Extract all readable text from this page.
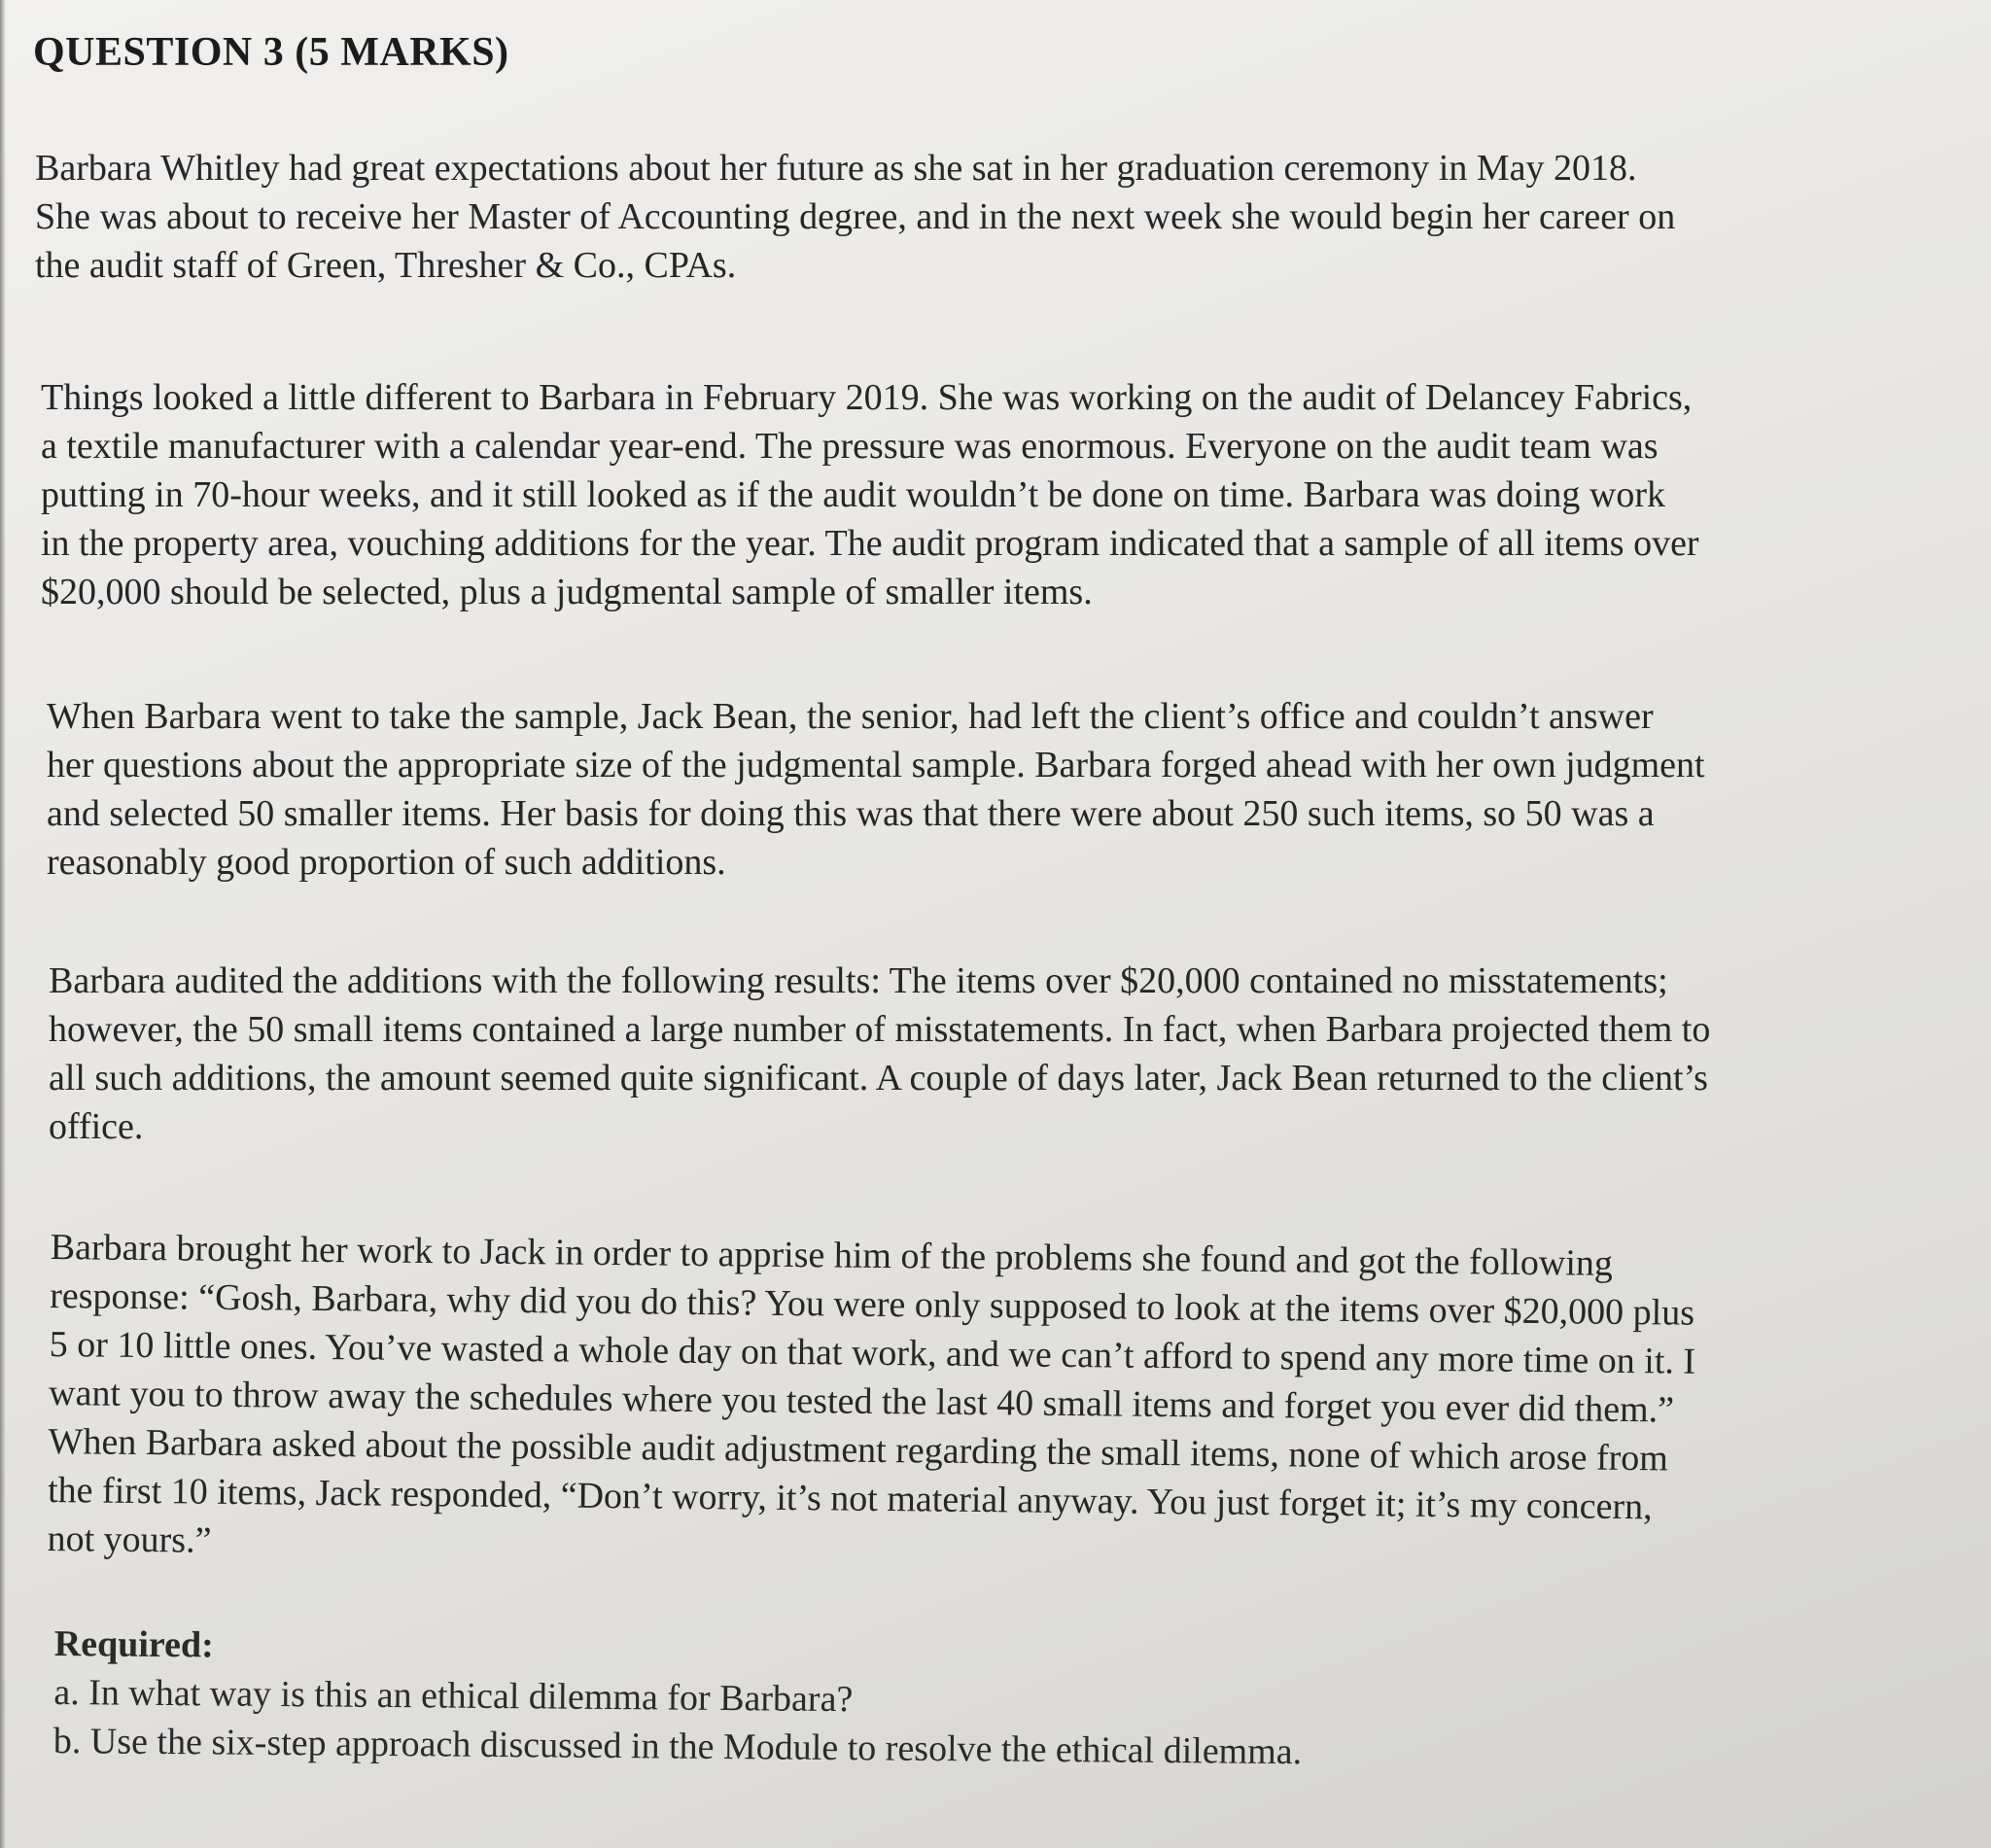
QUESTION 3 (5 MARKS)

Barbara Whitley had great expectations about her future as she sat in her graduation ceremony in May 2018.
She was about to receive her Master of Accounting degree, and in the next week she would begin her career on
the audit staff of Green, Thresher & Co., CPAs.

Things looked a little different to Barbara in February 2019. She was working on the audit of Delancey Fabrics,
a textile manufacturer with a calendar year-end. The pressure was enormous. Everyone on the audit team was
putting in 70-hour weeks, and it still looked as if the audit wouldn’t be done on time. Barbara was doing work
in the property area, vouching additions for the year. The audit program indicated that a sample of all items over
$20,000 should be selected, plus a judgmental sample of smaller items.

When Barbara went to take the sample, Jack Bean, the senior, had left the client’s office and couldn’t answer
her questions about the appropriate size of the judgmental sample. Barbara forged ahead with her own judgment
and selected 50 smaller items. Her basis for doing this was that there were about 250 such items, so 50 was a
reasonably good proportion of such additions.

Barbara audited the additions with the following results: The items over $20,000 contained no misstatements;
however, the 50 small items contained a large number of misstatements. In fact, when Barbara projected them to
all such additions, the amount seemed quite significant. A couple of days later, Jack Bean returned to the client’s
office.

Barbara brought her work to Jack in order to apprise him of the problems she found and got the following
response: “Gosh, Barbara, why did you do this? You were only supposed to look at the items over $20,000 plus
5 or 10 little ones. You’ve wasted a whole day on that work, and we can’t afford to spend any more time on it. I
want you to throw away the schedules where you tested the last 40 small items and forget you ever did them.”
When Barbara asked about the possible audit adjustment regarding the small items, none of which arose from
the first 10 items, Jack responded, “Don’t worry, it’s not material anyway. You just forget it; it’s my concern,
not yours.”

Required:
a. In what way is this an ethical dilemma for Barbara?
b. Use the six-step approach discussed in the Module to resolve the ethical dilemma.
